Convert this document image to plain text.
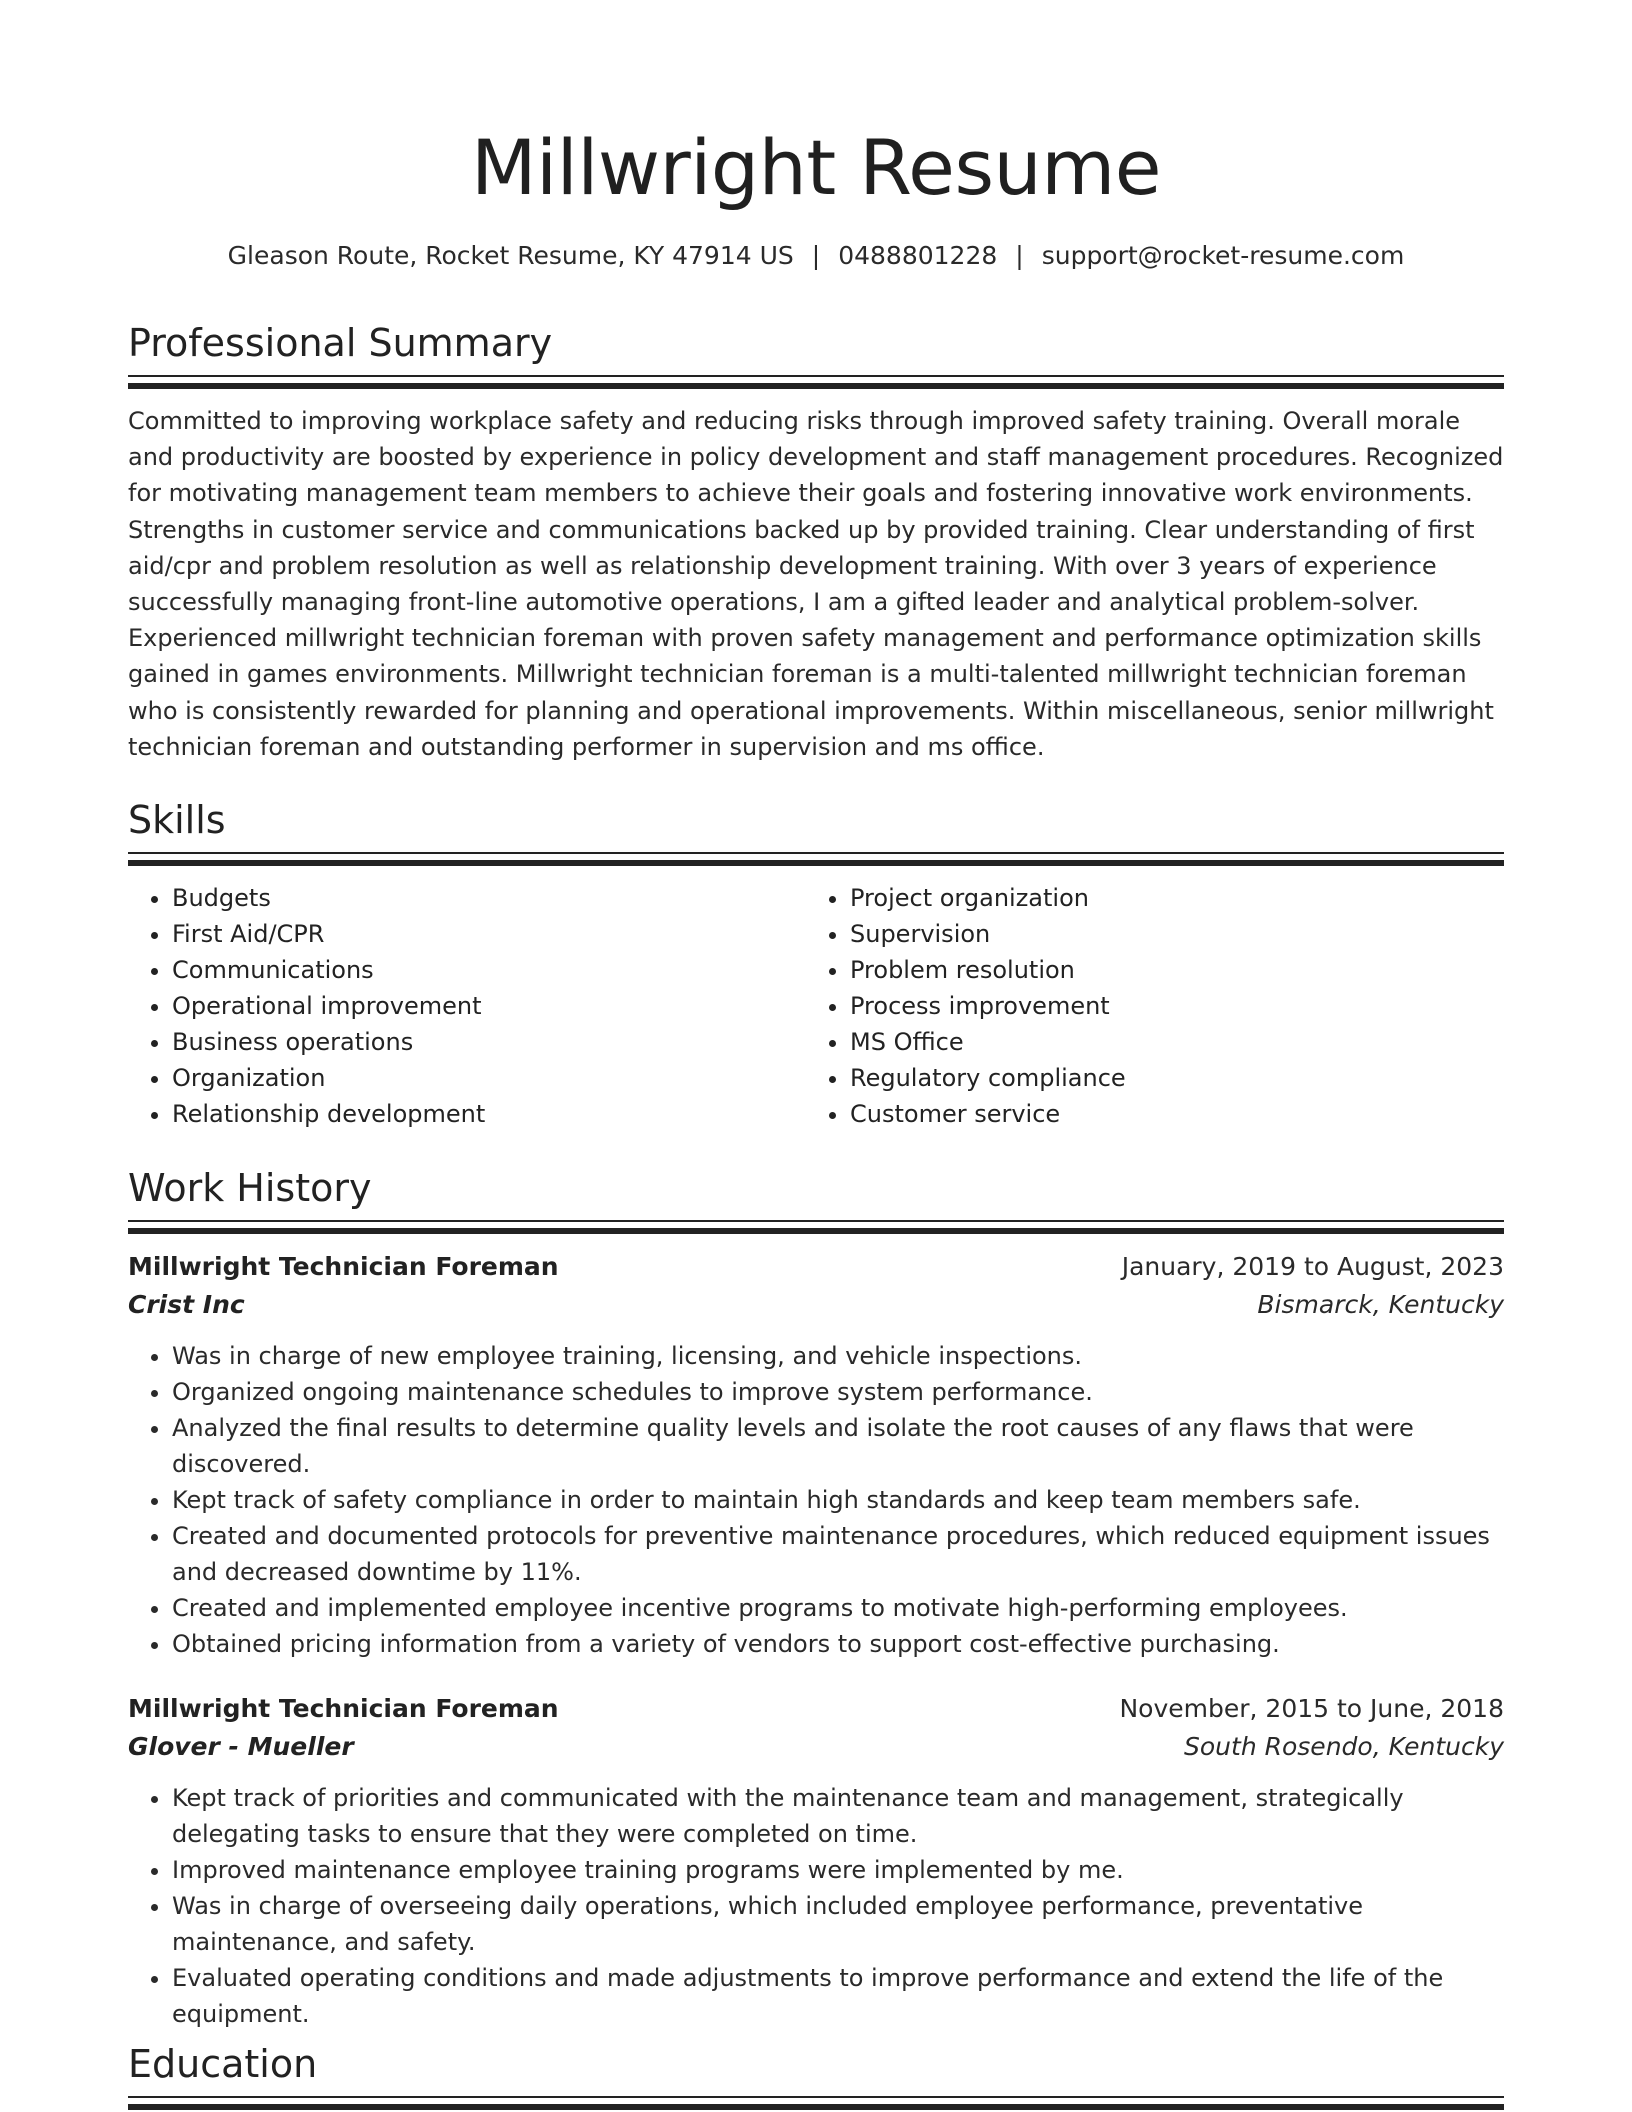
Millwright Resume
Gleason Route, Rocket Resume, KY 47914 US | 0488801228 | support@rocket-resume.com
Professional Summary

Committed to improving workplace safety and reducing risks through improved safety training. Overall morale and productivity are boosted by experience in policy development and staff management procedures. Recognized for motivating management team members to achieve their goals and fostering innovative work environments. Strengths in customer service and communications backed up by provided training. Clear understanding of first aid/cpr and problem resolution as well as relationship development training. With over 3 years of experience successfully managing front-line automotive operations, I am a gifted leader and analytical problem-solver. Experienced millwright technician foreman with proven safety management and performance optimization skills gained in games environments. Millwright technician foreman is a multi-talented millwright technician foreman who is consistently rewarded for planning and operational improvements. Within miscellaneous, senior millwright technician foreman and outstanding performer in supervision and ms office.

Skills
• Budgets
• First Aid/CPR
• Communications
• Operational improvement
• Business operations
• Organization
• Relationship development
• Project organization
• Supervision
• Problem resolution
• Process improvement
• MS Office
• Regulatory compliance
• Customer service
Work History
Millwright Technician Foreman	January, 2019 to August, 2023
Crist Inc	Bismarck, Kentucky
• Was in charge of new employee training, licensing, and vehicle inspections.
• Organized ongoing maintenance schedules to improve system performance.
• Analyzed the final results to determine quality levels and isolate the root causes of any flaws that were discovered.
• Kept track of safety compliance in order to maintain high standards and keep team members safe.
• Created and documented protocols for preventive maintenance procedures, which reduced equipment issues and decreased downtime by 11%.
• Created and implemented employee incentive programs to motivate high-performing employees.
• Obtained pricing information from a variety of vendors to support cost-effective purchasing.
Millwright Technician Foreman	November, 2015 to June, 2018
Glover - Mueller	South Rosendo, Kentucky
• Kept track of priorities and communicated with the maintenance team and management, strategically delegating tasks to ensure that they were completed on time.
• Improved maintenance employee training programs were implemented by me.
• Was in charge of overseeing daily operations, which included employee performance, preventative maintenance, and safety.
• Evaluated operating conditions and made adjustments to improve performance and extend the life of the equipment.
Education
